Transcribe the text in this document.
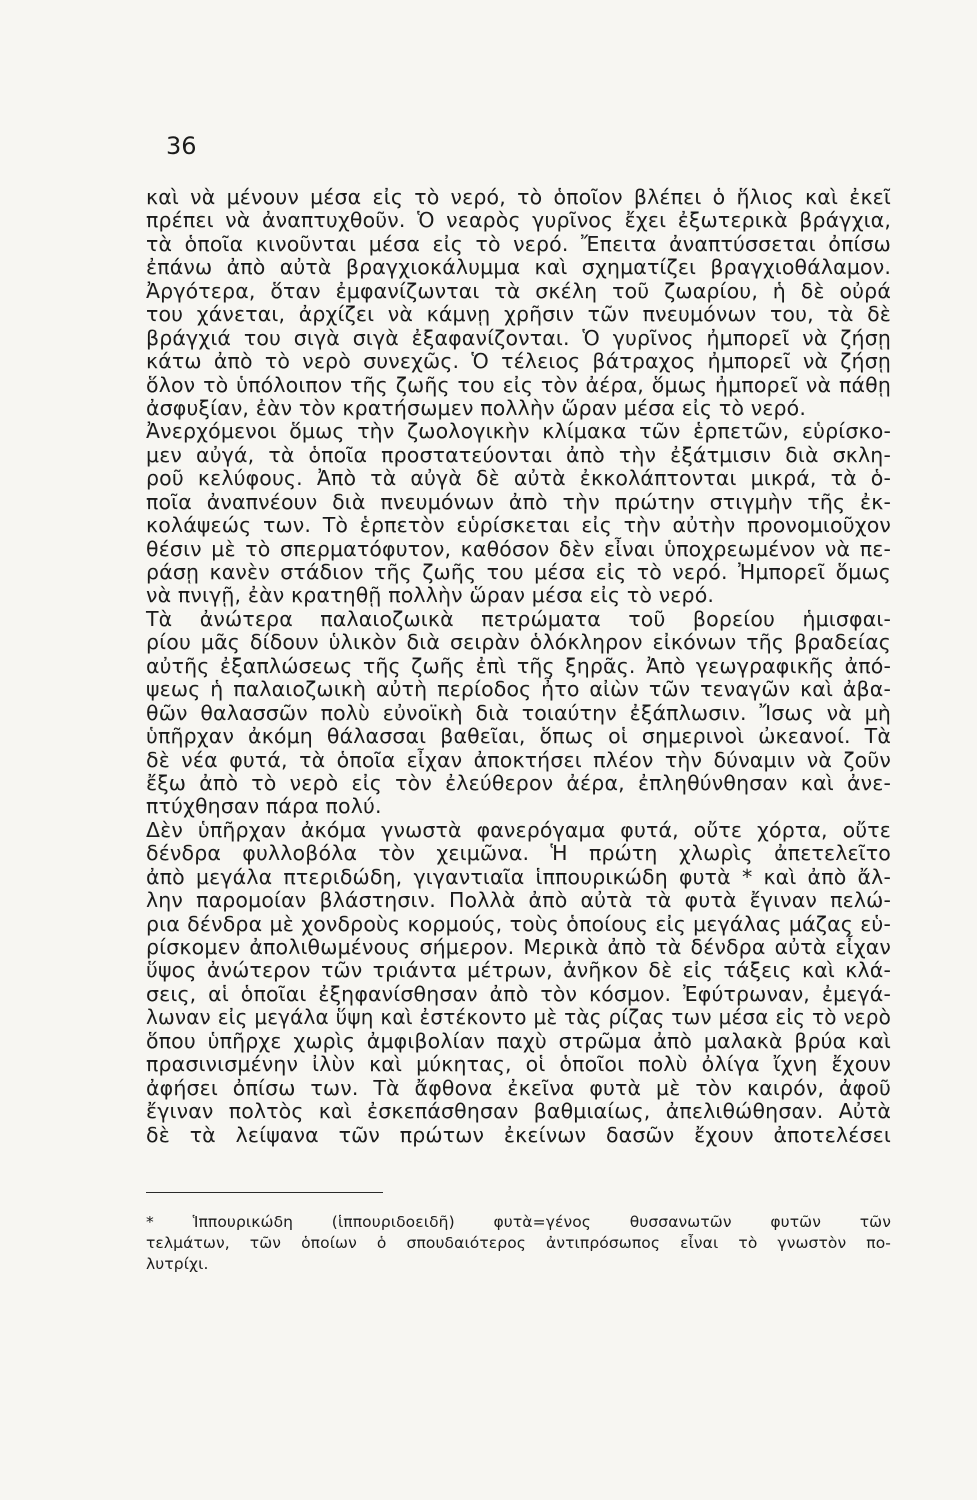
36
καὶ νὰ μένουν μέσα εἰς τὸ νερό, τὸ ὁποῖον βλέπει ὁ ἥλιος καὶ ἐκεῖ
πρέπει νὰ ἀναπτυχθοῦν. Ὁ νεαρὸς γυρῖνος ἔχει ἐξωτερικὰ βράγχια,
τὰ ὁποῖα κινοῦνται μέσα εἰς τὸ νερό. Ἔπειτα ἀναπτύσσεται ὀπίσω
ἐπάνω ἀπὸ αὐτὰ βραγχιοκάλυμμα καὶ σχηματίζει βραγχιοθάλαμον.
Ἀργότερα, ὅταν ἐμφανίζωνται τὰ σκέλη τοῦ ζωαρίου, ἡ δὲ οὐρά
του χάνεται, ἀρχίζει νὰ κάμνῃ χρῆσιν τῶν πνευμόνων του, τὰ δὲ
βράγχιά του σιγὰ σιγὰ ἐξαφανίζονται. Ὁ γυρῖνος ἠμπορεῖ νὰ ζήσῃ
κάτω ἀπὸ τὸ νερὸ συνεχῶς. Ὁ τέλειος βάτραχος ἠμπορεῖ νὰ ζήσῃ
ὅλον τὸ ὑπόλοιπον τῆς ζωῆς του εἰς τὸν ἀέρα, ὅμως ἠμπορεῖ νὰ πάθῃ
ἀσφυξίαν, ἐὰν τὸν κρατήσωμεν πολλὴν ὥραν μέσα εἰς τὸ νερό.
Ἀνερχόμενοι ὅμως τὴν ζωολογικὴν κλίμακα τῶν ἑρπετῶν, εὑρίσκο-
μεν αὐγά, τὰ ὁποῖα προστατεύονται ἀπὸ τὴν ἐξάτμισιν διὰ σκλη-
ροῦ κελύφους. Ἀπὸ τὰ αὐγὰ δὲ αὐτὰ ἐκκολάπτονται μικρά, τὰ ὁ-
ποῖα ἀναπνέουν διὰ πνευμόνων ἀπὸ τὴν πρώτην στιγμὴν τῆς ἐκ-
κολάψεώς των. Τὸ ἑρπετὸν εὑρίσκεται εἰς τὴν αὐτὴν προνομιοῦχον
θέσιν μὲ τὸ σπερματόφυτον, καθόσον δὲν εἶναι ὑποχρεωμένον νὰ πε-
ράσῃ κανὲν στάδιον τῆς ζωῆς του μέσα εἰς τὸ νερό. Ἠμπορεῖ ὅμως
νὰ πνιγῇ, ἐὰν κρατηθῇ πολλὴν ὥραν μέσα εἰς τὸ νερό.
Τὰ ἀνώτερα παλαιοζωικὰ πετρώματα τοῦ βορείου ἡμισφαι-
ρίου μᾶς δίδουν ὑλικὸν διὰ σειρὰν ὁλόκληρον εἰκόνων τῆς βραδείας
αὐτῆς ἐξαπλώσεως τῆς ζωῆς ἐπὶ τῆς ξηρᾶς. Ἀπὸ γεωγραφικῆς ἀπό-
ψεως ἡ παλαιοζωικὴ αὐτὴ περίοδος ἦτο αἰὼν τῶν τεναγῶν καὶ ἀβα-
θῶν θαλασσῶν πολὺ εὐνοϊκὴ διὰ τοιαύτην ἐξάπλωσιν. Ἴσως νὰ μὴ
ὑπῆρχαν ἀκόμη θάλασσαι βαθεῖαι, ὅπως οἱ σημερινοὶ ὠκεανοί. Τὰ
δὲ νέα φυτά, τὰ ὁποῖα εἶχαν ἀποκτήσει πλέον τὴν δύναμιν νὰ ζοῦν
ἔξω ἀπὸ τὸ νερὸ εἰς τὸν ἐλεύθερον ἀέρα, ἐπληθύνθησαν καὶ ἀνε-
πτύχθησαν πάρα πολύ.
Δὲν ὑπῆρχαν ἀκόμα γνωστὰ φανερόγαμα φυτά, οὔτε χόρτα, οὔτε
δένδρα φυλλοβόλα τὸν χειμῶνα. Ἡ πρώτη χλωρὶς ἀπετελεῖτο
ἀπὸ μεγάλα πτεριδώδη, γιγαντιαῖα ἱππουρικώδη φυτὰ * καὶ ἀπὸ ἄλ-
λην παρομοίαν βλάστησιν. Πολλὰ ἀπὸ αὐτὰ τὰ φυτὰ ἔγιναν πελώ-
ρια δένδρα μὲ χονδροὺς κορμούς, τοὺς ὁποίους εἰς μεγάλας μάζας εὑ-
ρίσκομεν ἀπολιθωμένους σήμερον. Μερικὰ ἀπὸ τὰ δένδρα αὐτὰ εἶχαν
ὕψος ἀνώτερον τῶν τριάντα μέτρων, ἀνῆκον δὲ εἰς τάξεις καὶ κλά-
σεις, αἱ ὁποῖαι ἐξηφανίσθησαν ἀπὸ τὸν κόσμον. Ἐφύτρωναν, ἐμεγά-
λωναν εἰς μεγάλα ὕψη καὶ ἐστέκοντο μὲ τὰς ρίζας των μέσα εἰς τὸ νερὸ
ὅπου ὑπῆρχε χωρὶς ἀμφιβολίαν παχὺ στρῶμα ἀπὸ μαλακὰ βρύα καὶ
πρασινισμένην ἰλὺν καὶ μύκητας, οἱ ὁποῖοι πολὺ ὀλίγα ἴχνη ἔχουν
ἀφήσει ὀπίσω των. Τὰ ἄφθονα ἐκεῖνα φυτὰ μὲ τὸν καιρόν, ἀφοῦ
ἔγιναν πολτὸς καὶ ἐσκεπάσθησαν βαθμιαίως, ἀπελιθώθησαν. Αὐτὰ
δὲ τὰ λείψανα τῶν πρώτων ἐκείνων δασῶν ἔχουν ἀποτελέσει
* Ἱππουρικώδη (ἱππουριδοειδῆ) φυτὰ=γένος θυσσανωτῶν φυτῶν τῶν
τελμάτων, τῶν ὁποίων ὁ σπουδαιότερος ἀντιπρόσωπος εἶναι τὸ γνωστὸν πο-
λυτρίχι.
